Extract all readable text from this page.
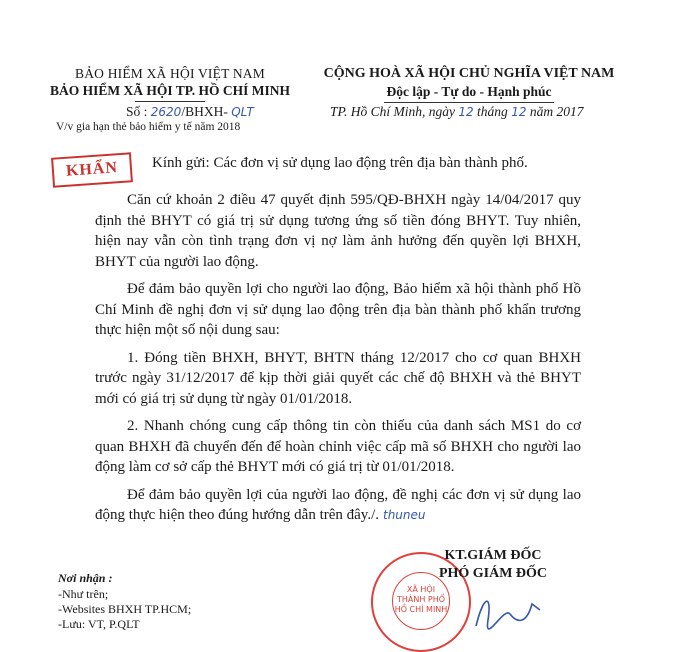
BẢO HIỂM XÃ HỘI VIỆT NAM
BẢO HIỂM XÃ HỘI TP. HỒ CHÍ MINH
Số : 2620/BHXH- QLT
V/v gia hạn thẻ bảo hiểm y tế năm 2018
CỘNG HOÀ XÃ HỘI CHỦ NGHĨA VIỆT NAM
Độc lập - Tự do - Hạnh phúc
TP. Hồ Chí Minh, ngày 12 tháng 12 năm 2017
KHẨN	Kính gửi: Các đơn vị sử dụng lao động trên địa bàn thành phố.

Căn cứ khoản 2 điều 47 quyết định 595/QĐ-BHXH ngày 14/04/2017 quy định thẻ BHYT có giá trị sử dụng tương ứng số tiền đóng BHYT. Tuy nhiên, hiện nay vẫn còn tình trạng đơn vị nợ làm ảnh hưởng đến quyền lợi BHXH, BHYT của người lao động.

Để đảm bảo quyền lợi cho người lao động, Bảo hiểm xã hội thành phố Hồ Chí Minh đề nghị đơn vị sử dụng lao động trên địa bàn thành phố khẩn trương thực hiện một số nội dung sau:

1. Đóng tiền BHXH, BHYT, BHTN tháng 12/2017 cho cơ quan BHXH trước ngày 31/12/2017 để kịp thời giải quyết các chế độ BHXH và thẻ BHYT mới có giá trị sử dụng từ ngày 01/01/2018.

2. Nhanh chóng cung cấp thông tin còn thiếu của danh sách MS1 do cơ quan BHXH đã chuyển đến để hoàn chỉnh việc cấp mã số BHXH cho người lao động làm cơ sở cấp thẻ BHYT mới có giá trị từ 01/01/2018.

Để đảm bảo quyền lợi của người lao động, đề nghị các đơn vị sử dụng lao động thực hiện theo đúng hướng dẫn trên đây./. thuneu

XÃ HỘI
THÀNH PHỐ
HỒ CHÍ MINH
KT.GIÁM ĐỐC
PHÓ GIÁM ĐỐC
Nơi nhận :
-Như trên;
-Websites BHXH TP.HCM;
-Lưu: VT, P.QLT
